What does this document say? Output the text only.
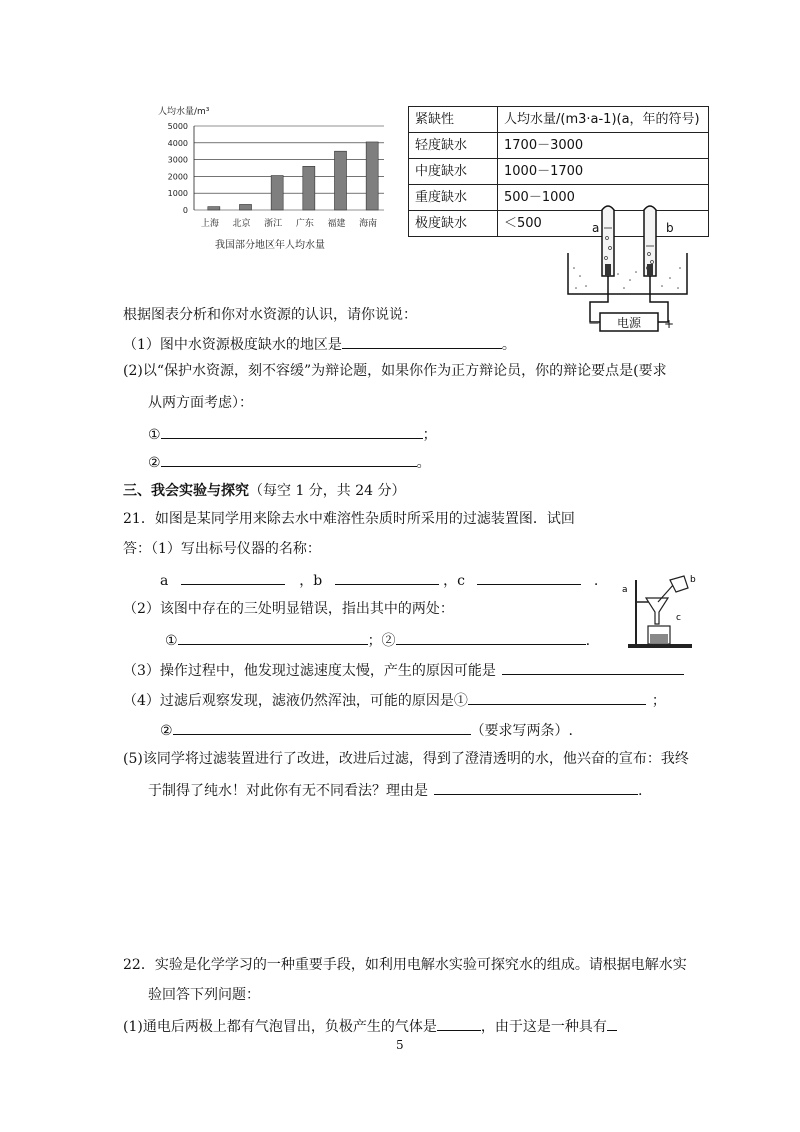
人均水量/m³
5000
4000
3000
2000
1000
0
上海 北京 浙江 广东 福建 海南
我国部分地区年人均水量
紧缺性	人均水量/(m3·a-1)(a，年的符号)
轻度缺水	1700－3000
中度缺水	1000－1700
重度缺水	500－1000
极度缺水	＜500
电源
－	+
a	b
根据图表分析和你对水资源的认识，请你说说：
（1）图中水资源极度缺水的地区是	。
(2)以“保护水资源，刻不容缓”为辩论题，如果你作为正方辩论员，你的辩论要点是(要求
从两方面考虑）：
①	；
②	。
三、我会实验与探究（每空 1 分，共 24 分）
21．如图是某同学用来除去水中难溶性杂质时所采用的过滤装置图．试回
答：（1）写出标号仪器的名称：
a	，b	，c	.
（2）该图中存在的三处明显错误，指出其中的两处：
①	；②	.
a
b
c
（3）操作过程中，他发现过滤速度太慢，产生的原因可能是
（4）过滤后观察发现，滤液仍然浑浊，可能的原因是①	；
②	（要求写两条）.
(5)该同学将过滤装置进行了改进，改进后过滤，得到了澄清透明的水，他兴奋的宣布：我终
于制得了纯水！对此你有无不同看法？理由是	.
22．实验是化学学习的一种重要手段，如利用电解水实验可探究水的组成。请根据电解水实
验回答下列问题：
(1)通电后两极上都有气泡冒出，负极产生的气体是	，由于这是一种具有
5
